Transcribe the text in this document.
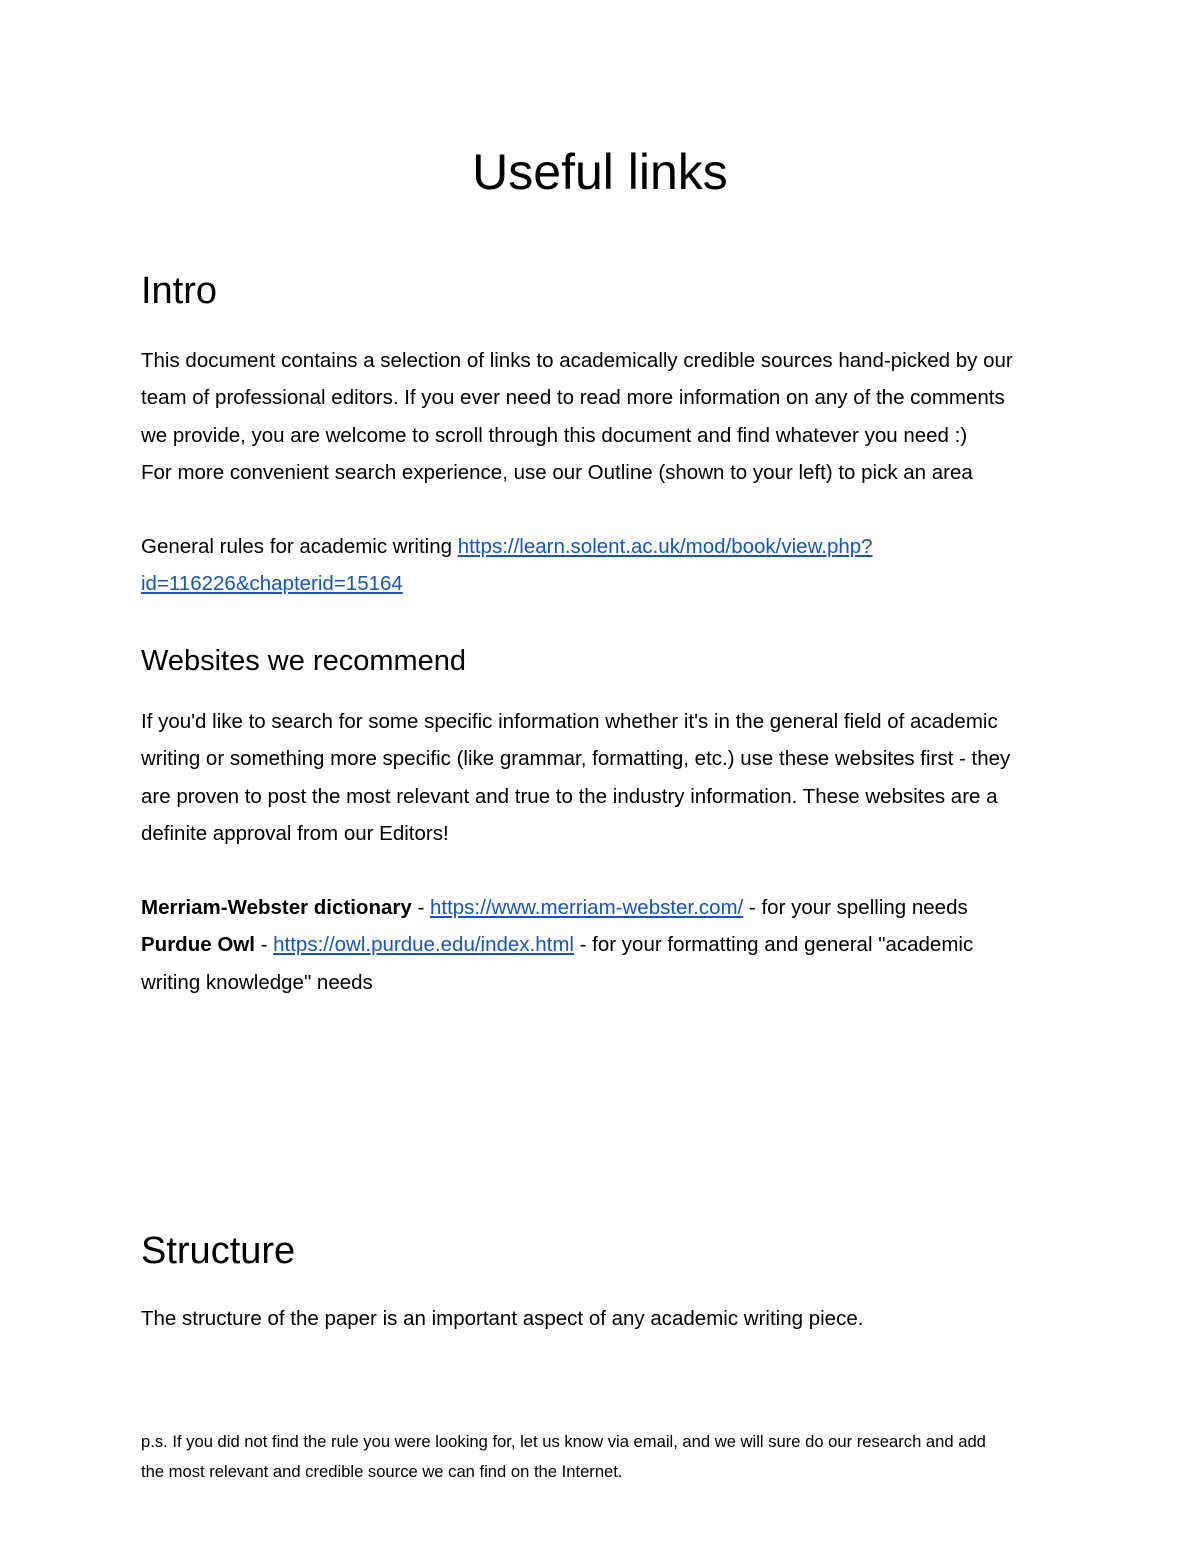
Useful links
Intro

This document contains a selection of links to academically credible sources hand-picked by our

team of professional editors. If you ever need to read more information on any of the comments

we provide, you are welcome to scroll through this document and find whatever you need :)

For more convenient search experience, use our Outline (shown to your left) to pick an area

General rules for academic writing https://learn.solent.ac.uk/mod/book/view.php?

id=116226&chapterid=15164

Websites we recommend

If you'd like to search for some specific information whether it's in the general field of academic

writing or something more specific (like grammar, formatting, etc.) use these websites first - they

are proven to post the most relevant and true to the industry information. These websites are a

definite approval from our Editors!

Merriam-Webster dictionary - https://www.merriam-webster.com/ - for your spelling needs

Purdue Owl - https://owl.purdue.edu/index.html - for your formatting and general "academic

writing knowledge" needs

Structure

The structure of the paper is an important aspect of any academic writing piece.

p.s. If you did not find the rule you were looking for, let us know via email, and we will sure do our research and add

the most relevant and credible source we can find on the Internet.
